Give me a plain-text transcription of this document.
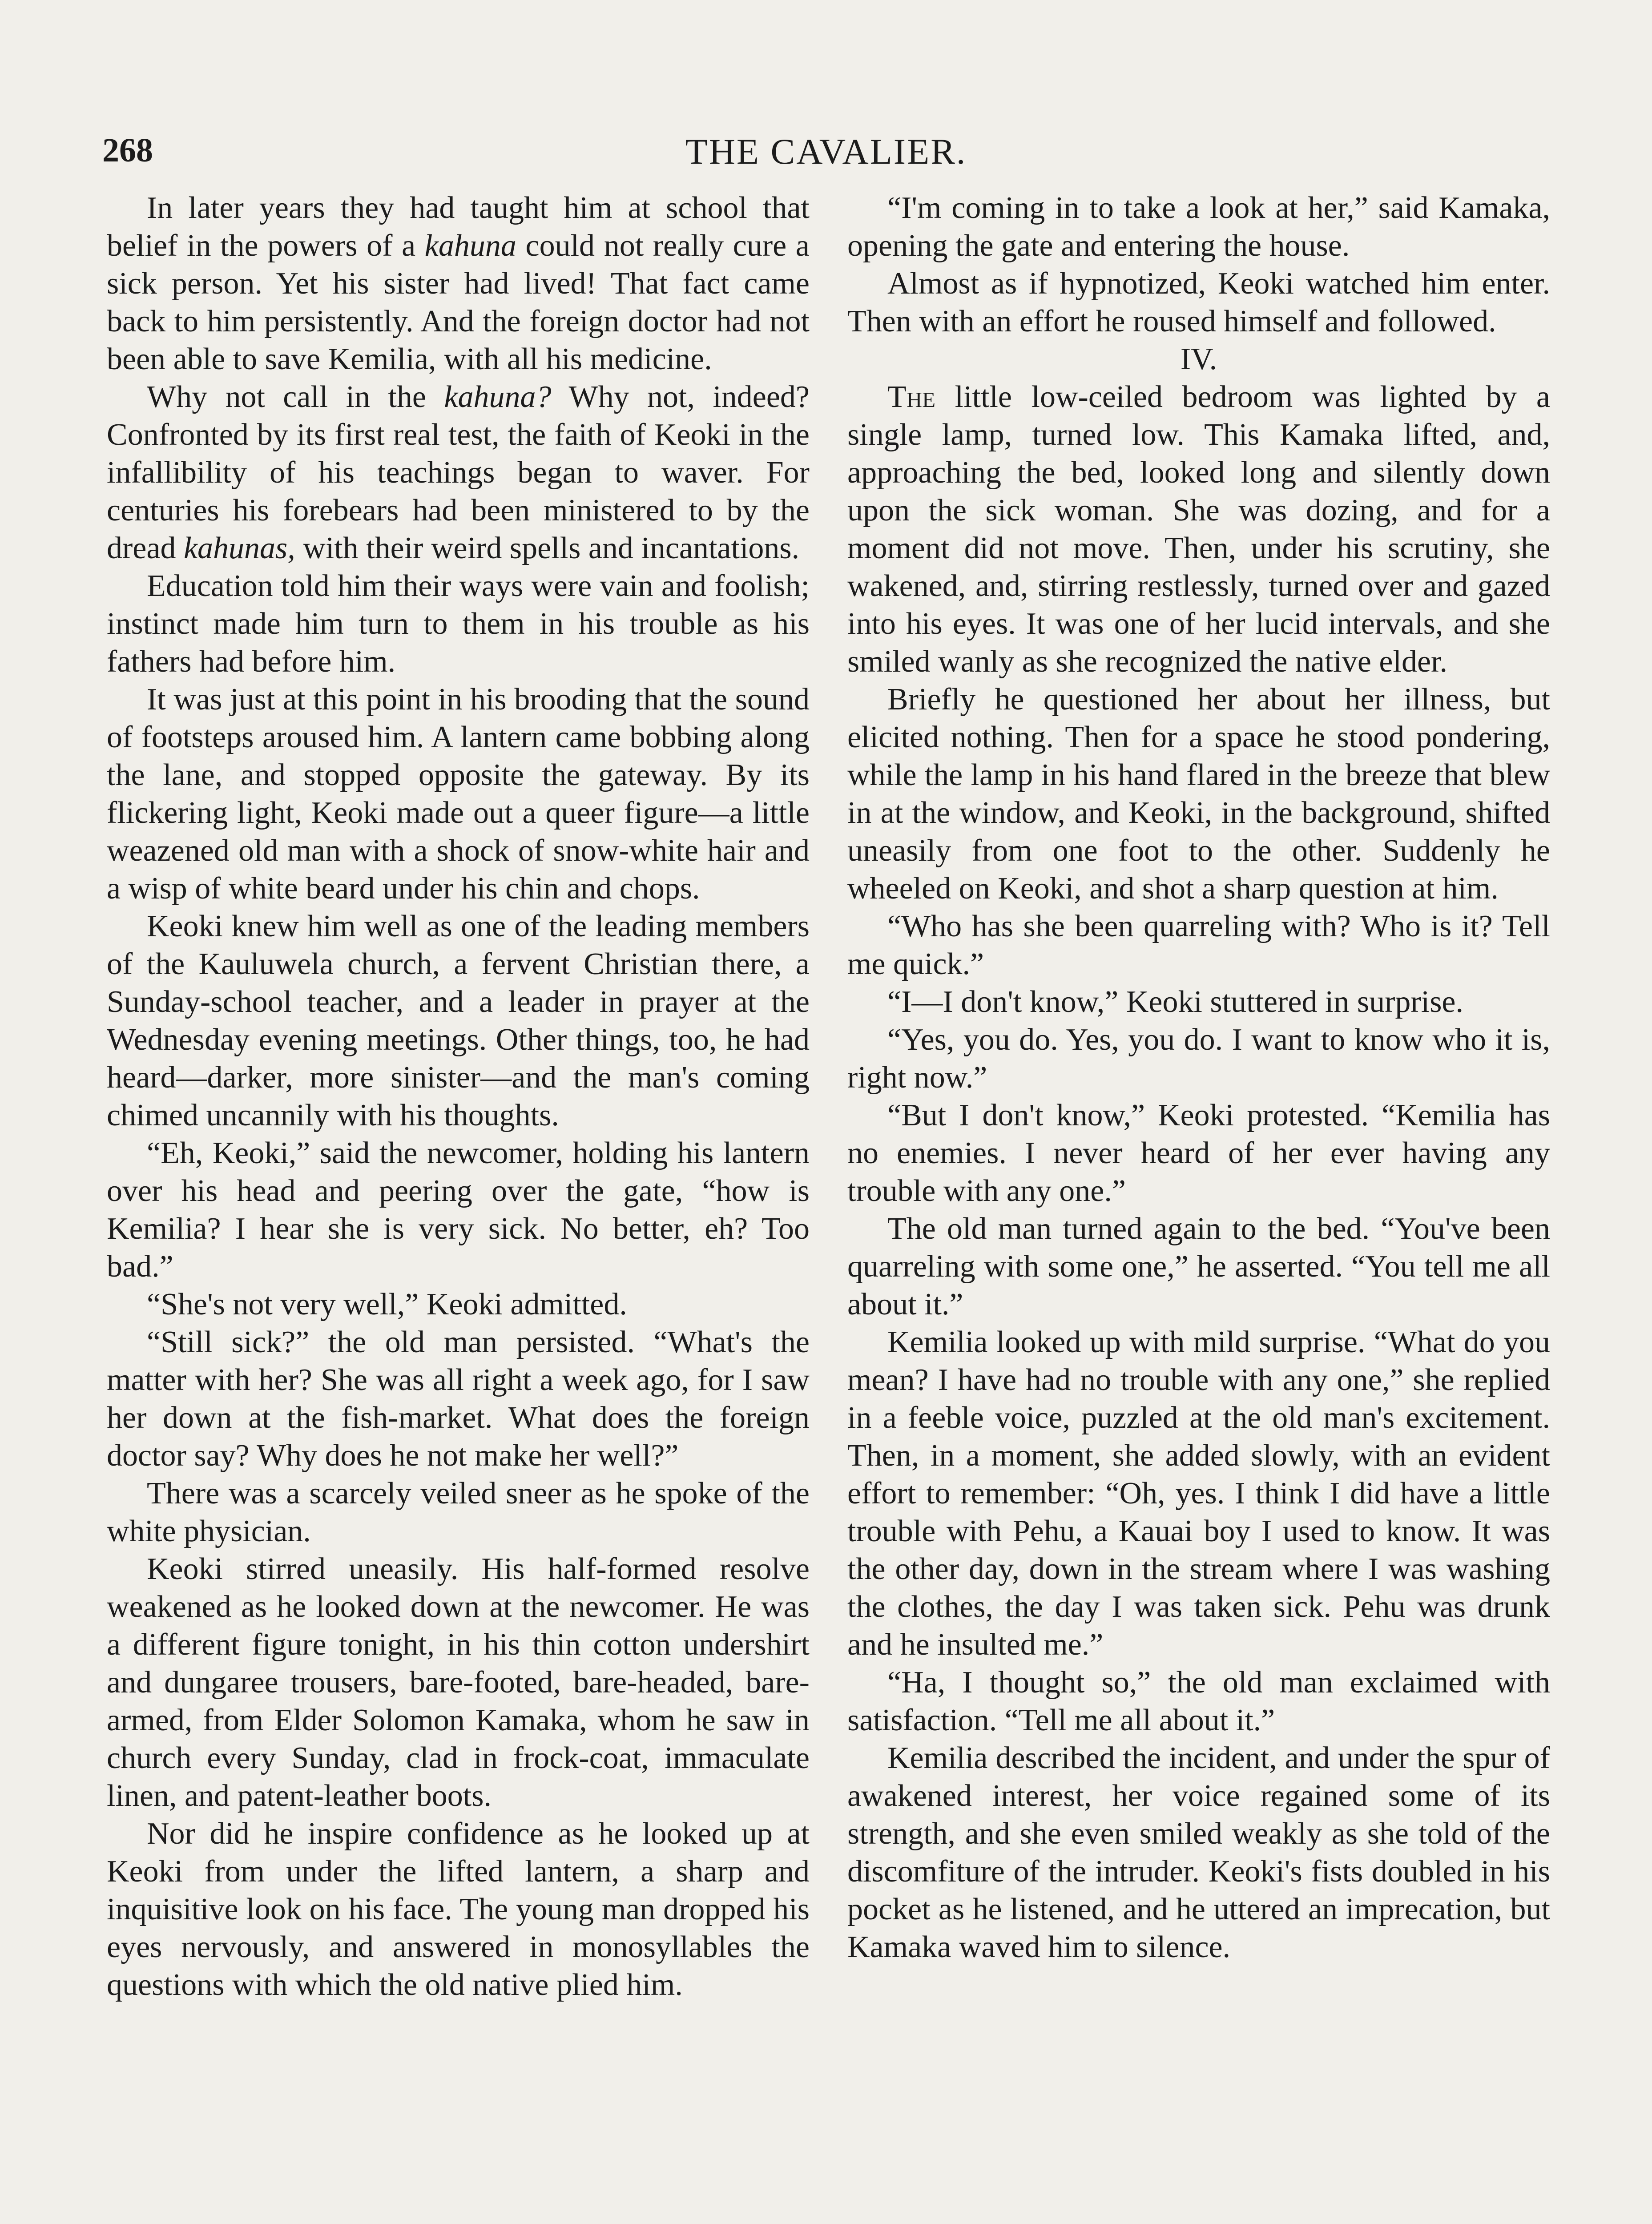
268	THE CAVALIER.

In later years they had taught him at school that belief in the powers of a kahuna could not really cure a sick person. Yet his sister had lived! That fact came back to him persistently. And the foreign doctor had not been able to save Kemilia, with all his medicine.

Why not call in the kahuna? Why not, indeed? Confronted by its first real test, the faith of Keoki in the infallibility of his teachings began to waver. For centuries his forebears had been ministered to by the dread kahunas, with their weird spells and incantations.

Education told him their ways were vain and foolish; instinct made him turn to them in his trouble as his fathers had before him.

It was just at this point in his brooding that the sound of footsteps aroused him. A lantern came bobbing along the lane, and stopped opposite the gateway. By its flickering light, Keoki made out a queer figure—a little weazened old man with a shock of snow-white hair and a wisp of white beard under his chin and chops.

Keoki knew him well as one of the leading members of the Kauluwela church, a fervent Christian there, a Sunday-school teacher, and a leader in prayer at the Wednesday evening meetings. Other things, too, he had heard—darker, more sinister—and the man's coming chimed uncannily with his thoughts.

“Eh, Keoki,” said the newcomer, holding his lantern over his head and peering over the gate, “how is Kemilia? I hear she is very sick. No better, eh? Too bad.”

“She's not very well,” Keoki admitted.

“Still sick?” the old man persisted. “What's the matter with her? She was all right a week ago, for I saw her down at the fish-market. What does the foreign doctor say? Why does he not make her well?”

There was a scarcely veiled sneer as he spoke of the white physician.

Keoki stirred uneasily. His half-formed resolve weakened as he looked down at the newcomer. He was a different figure tonight, in his thin cotton undershirt and dungaree trousers, bare-footed, bare-headed, bare-armed, from Elder Solomon Kamaka, whom he saw in church every Sunday, clad in frock-coat, immaculate linen, and patent-leather boots.

Nor did he inspire confidence as he looked up at Keoki from under the lifted lantern, a sharp and inquisitive look on his face. The young man dropped his eyes nervously, and answered in monosyllables the questions with which the old native plied him.

“I'm coming in to take a look at her,” said Kamaka, opening the gate and entering the house.

Almost as if hypnotized, Keoki watched him enter. Then with an effort he roused himself and followed.

IV.

The little low-ceiled bedroom was lighted by a single lamp, turned low. This Kamaka lifted, and, approaching the bed, looked long and silently down upon the sick woman. She was dozing, and for a moment did not move. Then, under his scrutiny, she wakened, and, stirring restlessly, turned over and gazed into his eyes. It was one of her lucid intervals, and she smiled wanly as she recognized the native elder.

Briefly he questioned her about her illness, but elicited nothing. Then for a space he stood pondering, while the lamp in his hand flared in the breeze that blew in at the window, and Keoki, in the background, shifted uneasily from one foot to the other. Suddenly he wheeled on Keoki, and shot a sharp question at him.

“Who has she been quarreling with? Who is it? Tell me quick.”

“I—I don't know,” Keoki stuttered in surprise.

“Yes, you do. Yes, you do. I want to know who it is, right now.”

“But I don't know,” Keoki protested. “Kemilia has no enemies. I never heard of her ever having any trouble with any one.”

The old man turned again to the bed. “You've been quarreling with some one,” he asserted. “You tell me all about it.”

Kemilia looked up with mild surprise. “What do you mean? I have had no trouble with any one,” she replied in a feeble voice, puzzled at the old man's excitement. Then, in a moment, she added slowly, with an evident effort to remember: “Oh, yes. I think I did have a little trouble with Pehu, a Kauai boy I used to know. It was the other day, down in the stream where I was washing the clothes, the day I was taken sick. Pehu was drunk and he insulted me.”

“Ha, I thought so,” the old man exclaimed with satisfaction. “Tell me all about it.”

Kemilia described the incident, and under the spur of awakened interest, her voice regained some of its strength, and she even smiled weakly as she told of the discomfiture of the intruder. Keoki's fists doubled in his pocket as he listened, and he uttered an imprecation, but Kamaka waved him to silence.
